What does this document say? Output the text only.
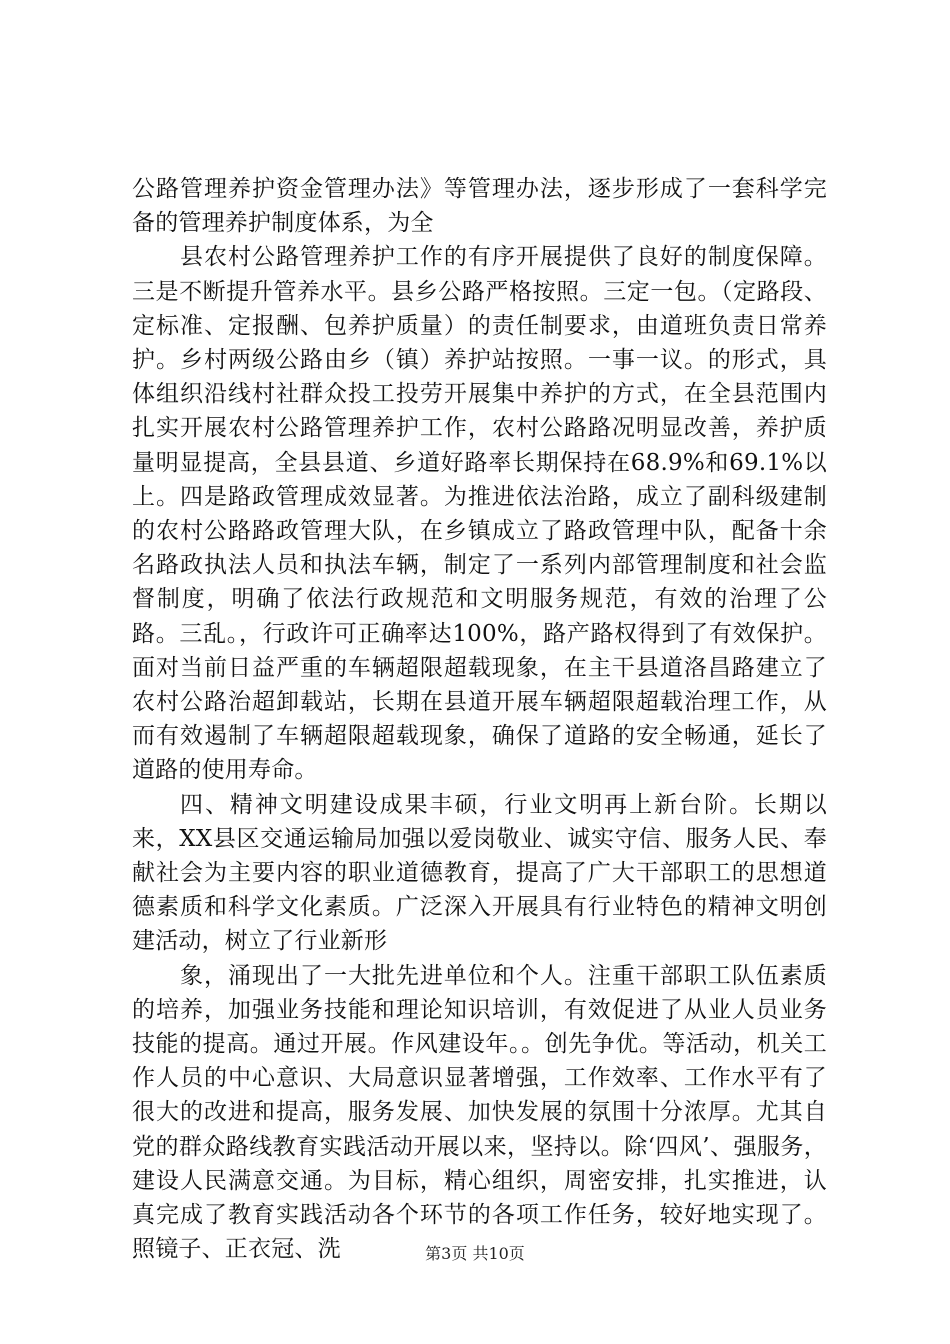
公路管理养护资金管理办法》等管理办法，逐步形成了一套科学完备的管理养护制度体系，为全

县农村公路管理养护工作的有序开展提供了良好的制度保障。三是不断提升管养水平。县乡公路严格按照。三定一包。（定路段、定标准、定报酬、包养护质量）的责任制要求，由道班负责日常养护。乡村两级公路由乡（镇）养护站按照。一事一议。的形式，具体组织沿线村社群众投工投劳开展集中养护的方式，在全县范围内扎实开展农村公路管理养护工作，农村公路路况明显改善，养护质量明显提高，全县县道、乡道好路率长期保持在68.9%和69.1%以上。四是路政管理成效显著。为推进依法治路，成立了副科级建制的农村公路路政管理大队，在乡镇成立了路政管理中队，配备十余名路政执法人员和执法车辆，制定了一系列内部管理制度和社会监督制度，明确了依法行政规范和文明服务规范，有效的治理了公路。三乱。，行政许可正确率达100%，路产路权得到了有效保护。面对当前日益严重的车辆超限超载现象，在主干县道洛昌路建立了农村公路治超卸载站，长期在县道开展车辆超限超载治理工作，从而有效遏制了车辆超限超载现象，确保了道路的安全畅通，延长了道路的使用寿命。

四、精神文明建设成果丰硕，行业文明再上新台阶。长期以来，XX县区交通运输局加强以爱岗敬业、诚实守信、服务人民、奉献社会为主要内容的职业道德教育，提高了广大干部职工的思想道德素质和科学文化素质。广泛深入开展具有行业特色的精神文明创建活动，树立了行业新形

象，涌现出了一大批先进单位和个人。注重干部职工队伍素质的培养，加强业务技能和理论知识培训，有效促进了从业人员业务技能的提高。通过开展。作风建设年。。创先争优。等活动，机关工作人员的中心意识、大局意识显著增强，工作效率、工作水平有了很大的改进和提高，服务发展、加快发展的氛围十分浓厚。尤其自党的群众路线教育实践活动开展以来，坚持以。除‘四风’、强服务，建设人民满意交通。为目标，精心组织，周密安排，扎实推进，认真完成了教育实践活动各个环节的各项工作任务，较好地实现了。照镜子、正衣冠、洗	第3页 共10页
